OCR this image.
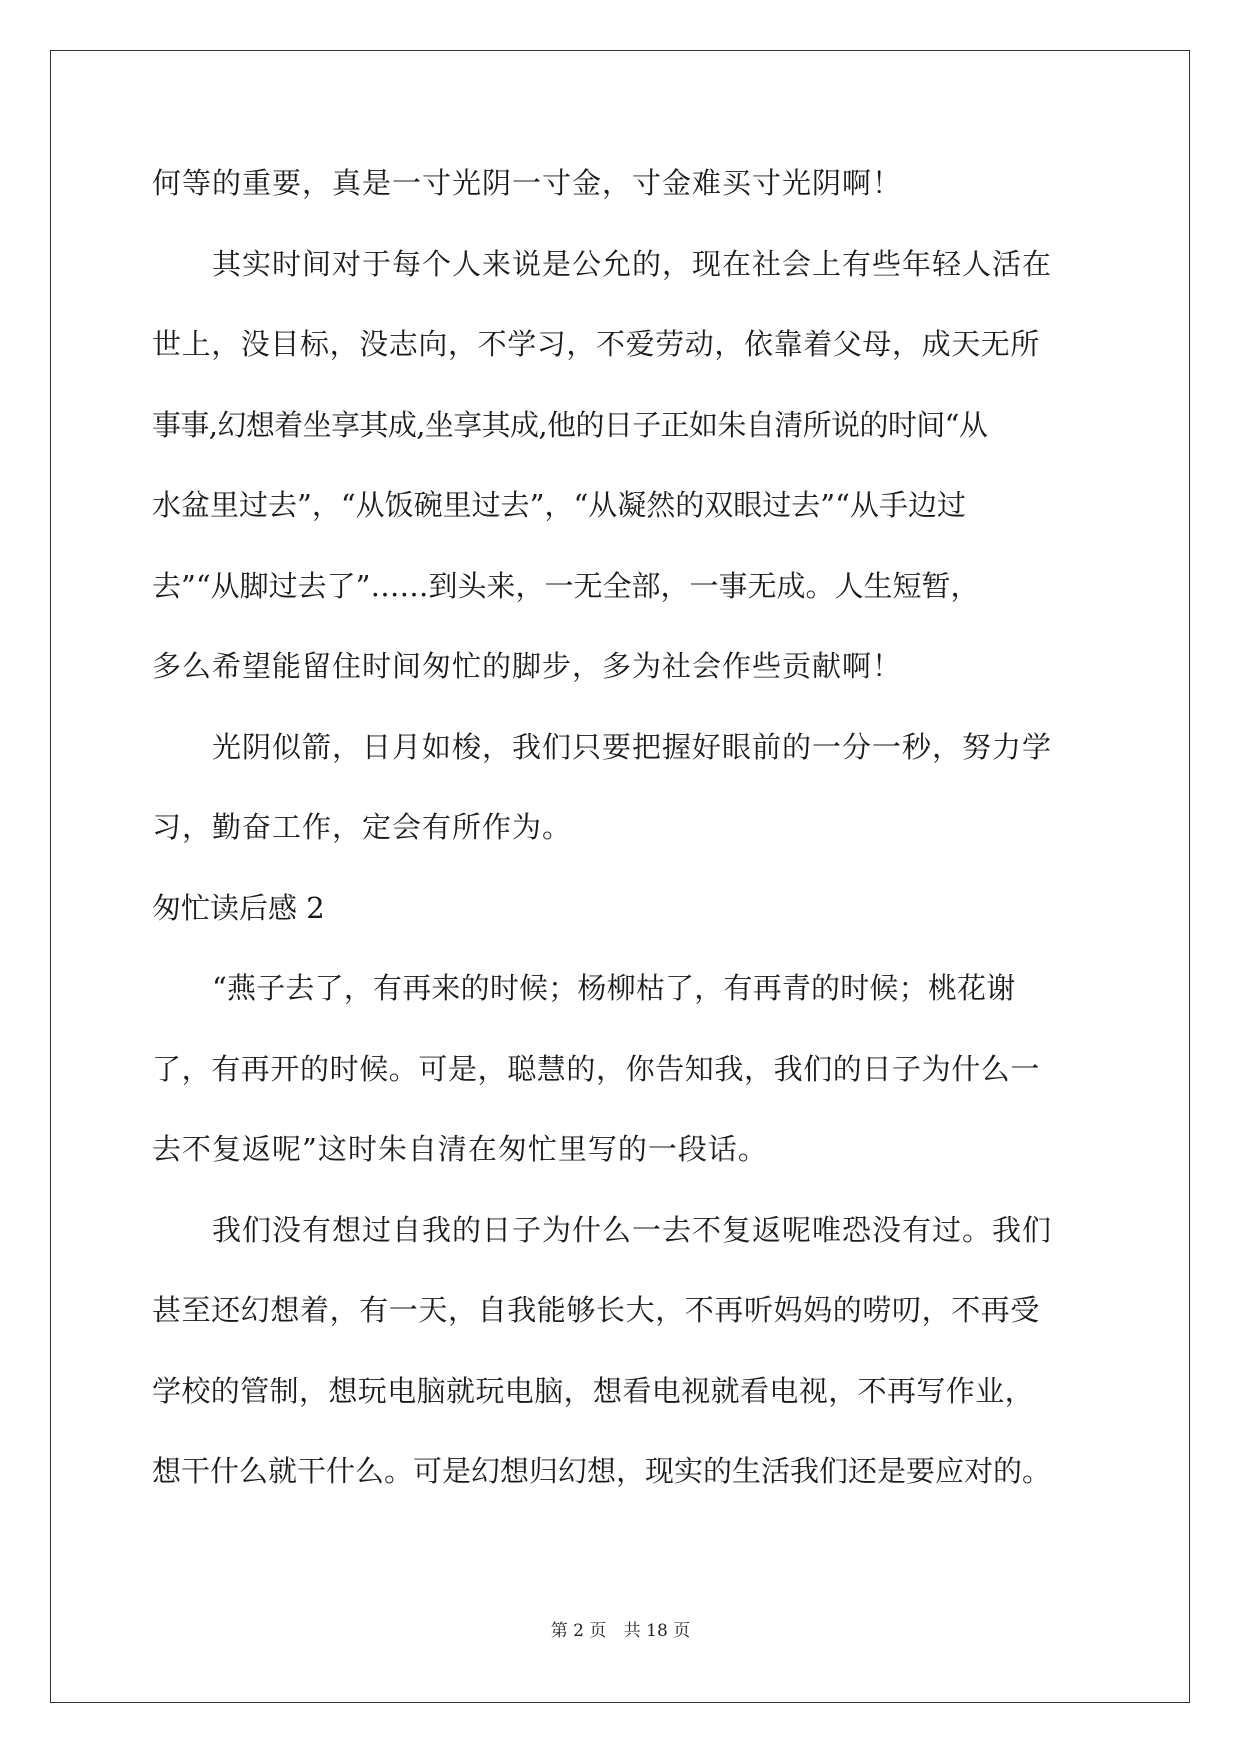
何等的重要，真是一寸光阴一寸金，寸金难买寸光阴啊！
其实时间对于每个人来说是公允的，现在社会上有些年轻人活在
世上，没目标，没志向，不学习，不爱劳动，依靠着父母，成天无所
事事,幻想着坐享其成,坐享其成,他的日子正如朱自清所说的时间“从
水盆里过去”，“从饭碗里过去”，“从凝然的双眼过去”“从手边过
去”“从脚过去了”……到头来，一无全部，一事无成。人生短暂，
多么希望能留住时间匆忙的脚步，多为社会作些贡献啊！
光阴似箭，日月如梭，我们只要把握好眼前的一分一秒，努力学
习，勤奋工作，定会有所作为。
匆忙读后感 2
“燕子去了，有再来的时候；杨柳枯了，有再青的时候；桃花谢
了，有再开的时候。可是，聪慧的，你告知我，我们的日子为什么一
去不复返呢”这时朱自清在匆忙里写的一段话。
我们没有想过自我的日子为什么一去不复返呢唯恐没有过。我们
甚至还幻想着，有一天，自我能够长大，不再听妈妈的唠叨，不再受
学校的管制，想玩电脑就玩电脑，想看电视就看电视，不再写作业，
想干什么就干什么。可是幻想归幻想，现实的生活我们还是要应对的。
第 2 页 共 18 页
